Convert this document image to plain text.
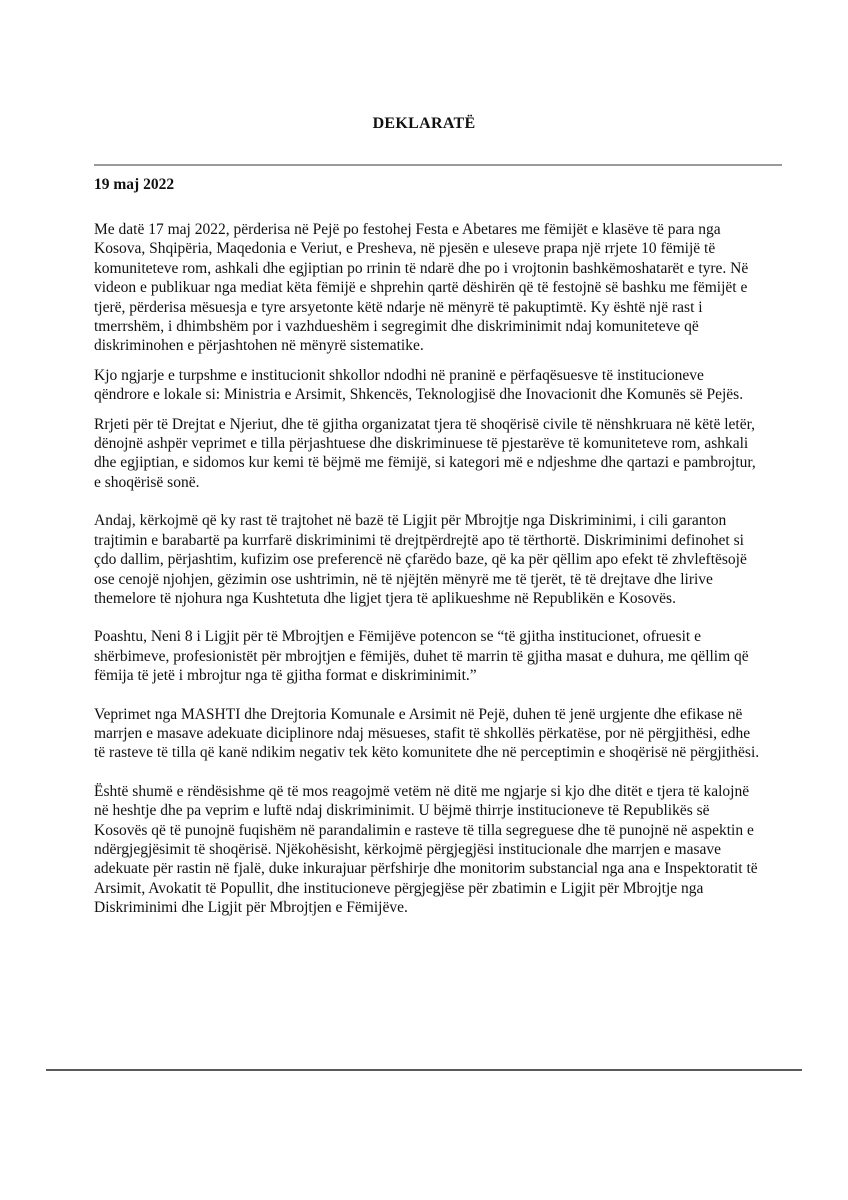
DEKLARATË
19 maj 2022

Me datë 17 maj 2022, përderisa në Pejë po festohej Festa e Abetares me fëmijët e klasëve të para nga Kosova, Shqipëria, Maqedonia e Veriut, e Presheva, në pjesën e uleseve prapa një rrjete 10 fëmijë të komuniteteve rom, ashkali dhe egjiptian po rrinin të ndarë dhe po i vrojtonin bashkëmoshatarët e tyre. Në videon e publikuar nga mediat këta fëmijë e shprehin qartë dëshirën që të festojnë së bashku me fëmijët e tjerë, përderisa mësuesja e tyre arsyetonte këtë ndarje në mënyrë të pakuptimtë. Ky është një rast i tmerrshëm, i dhimbshëm por i vazhdueshëm i segregimit dhe diskriminimit ndaj komuniteteve që diskriminohen e përjashtohen në mënyrë sistematike.

Kjo ngjarje e turpshme e institucionit shkollor ndodhi në praninë e përfaqësuesve të institucioneve qëndrore e lokale si: Ministria e Arsimit, Shkencës, Teknologjisë dhe Inovacionit dhe Komunës së Pejës.

Rrjeti për të Drejtat e Njeriut, dhe të gjitha organizatat tjera të shoqërisë civile të nënshkruara në këtë letër, dënojnë ashpër veprimet e tilla përjashtuese dhe diskriminuese të pjestarëve të komuniteteve rom, ashkali dhe egjiptian, e sidomos kur kemi të bëjmë me fëmijë, si kategori më e ndjeshme dhe qartazi e pambrojtur, e shoqërisë sonë.

Andaj, kërkojmë që ky rast të trajtohet në bazë të Ligjit për Mbrojtje nga Diskriminimi, i cili garanton trajtimin e barabartë pa kurrfarë diskriminimi të drejtpërdrejtë apo të tërthortë. Diskriminimi definohet si çdo dallim, përjashtim, kufizim ose preferencë në çfarëdo baze, që ka për qëllim apo efekt të zhvleftësojë ose cenojë njohjen, gëzimin ose ushtrimin, në të njëjtën mënyrë me të tjerët, të të drejtave dhe lirive themelore të njohura nga Kushtetuta dhe ligjet tjera të aplikueshme në Republikën e Kosovës.

Poashtu, Neni 8 i Ligjit për të Mbrojtjen e Fëmijëve potencon se “të gjitha institucionet, ofruesit e shërbimeve, profesionistët për mbrojtjen e fëmijës, duhet të marrin të gjitha masat e duhura, me qëllim që fëmija të jetë i mbrojtur nga të gjitha format e diskriminimit.”

Veprimet nga MASHTI dhe Drejtoria Komunale e Arsimit në Pejë, duhen të jenë urgjente dhe efikase në marrjen e masave adekuate diciplinore ndaj mësueses, stafit të shkollës përkatëse, por në përgjithësi, edhe të rasteve të tilla që kanë ndikim negativ tek këto komunitete dhe në perceptimin e shoqërisë në përgjithësi.

Është shumë e rëndësishme që të mos reagojmë vetëm në ditë me ngjarje si kjo dhe ditët e tjera të kalojnë në heshtje dhe pa veprim e luftë ndaj diskriminimit. U bëjmë thirrje institucioneve të Republikës së Kosovës që të punojnë fuqishëm në parandalimin e rasteve të tilla segreguese dhe të punojnë në aspektin e ndërgjegjësimit të shoqërisë. Njëkohësisht, kërkojmë përgjegjësi institucionale dhe marrjen e masave adekuate për rastin në fjalë, duke inkurajuar përfshirje dhe monitorim substancial nga ana e Inspektoratit të Arsimit, Avokatit të Popullit, dhe institucioneve përgjegjëse për zbatimin e Ligjit për Mbrojtje nga Diskriminimi dhe Ligjit për Mbrojtjen e Fëmijëve.
